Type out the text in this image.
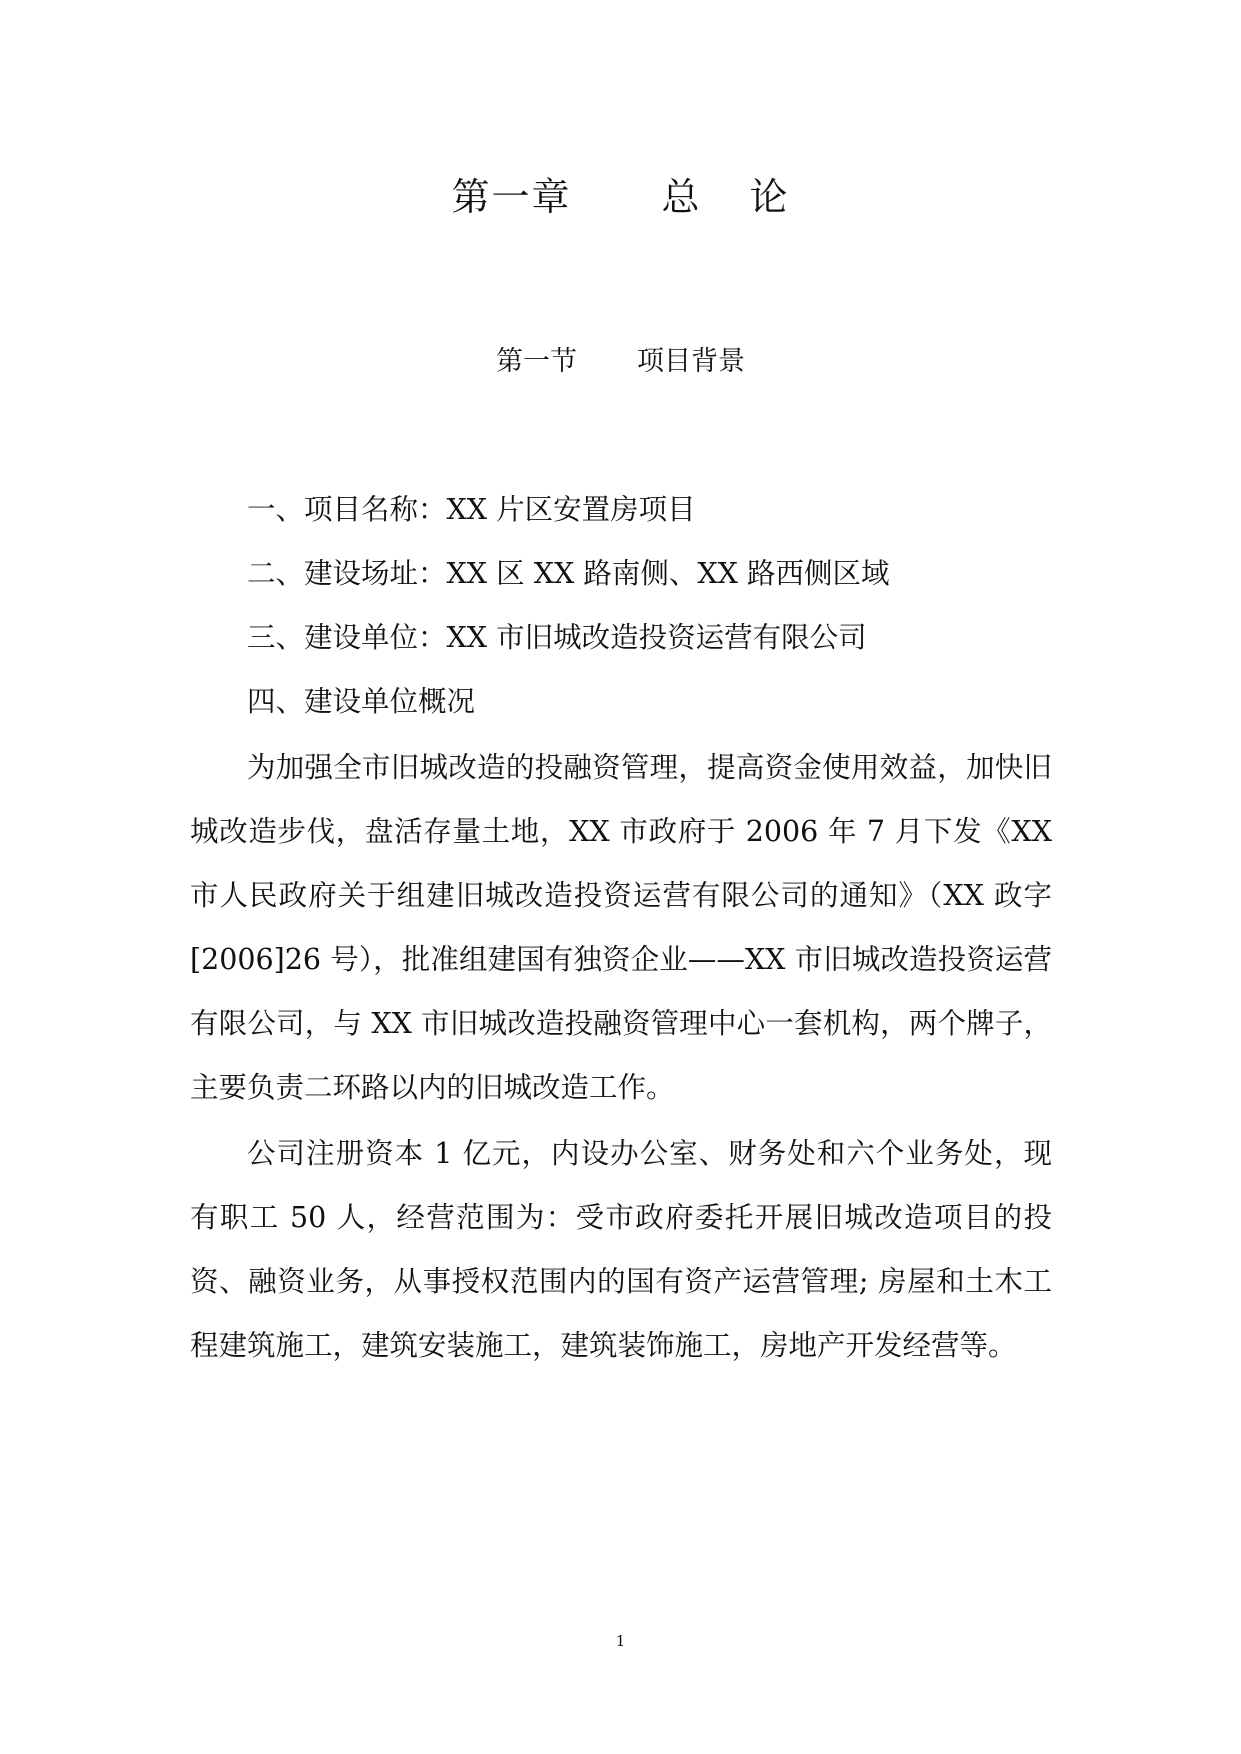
第一章 总 论
第一节 项目背景
一、项目名称：XX 片区安置房项目
二、建设场址：XX 区 XX 路南侧、XX 路西侧区域
三、建设单位：XX 市旧城改造投资运营有限公司
四、建设单位概况

为加强全市旧城改造的投融资管理，提高资金使用效益，加快旧城改造步伐，盘活存量土地，XX 市政府于 2006 年 7 月下发《XX 市人民政府关于组建旧城改造投资运营有限公司的通知》（XX 政字[2006]26 号），批准组建国有独资企业——XX 市旧城改造投资运营有限公司，与 XX 市旧城改造投融资管理中心一套机构，两个牌子，主要负责二环路以内的旧城改造工作。

公司注册资本 1 亿元，内设办公室、财务处和六个业务处，现有职工 50 人，经营范围为：受市政府委托开展旧城改造项目的投资、融资业务，从事授权范围内的国有资产运营管理; 房屋和土木工程建筑施工，建筑安装施工，建筑装饰施工，房地产开发经营等。

1
